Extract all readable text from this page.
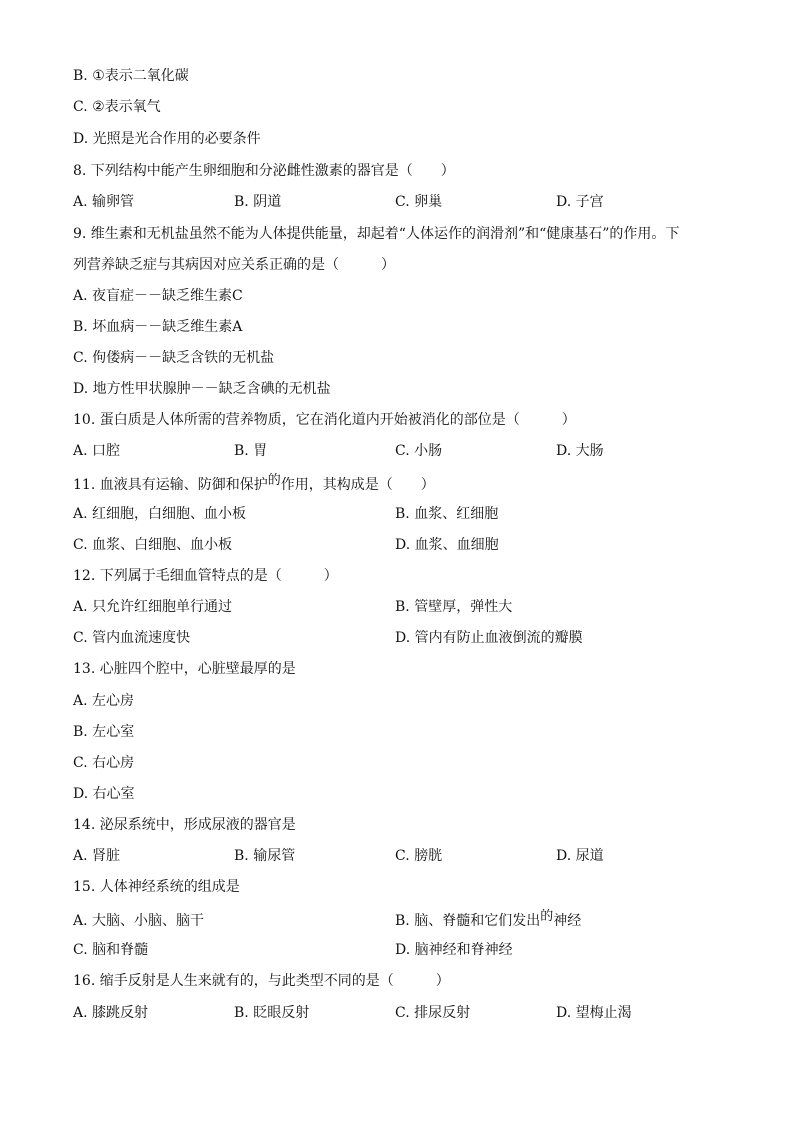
B. ①表示二氧化碳
C. ②表示氧气
D. 光照是光合作用的必要条件
8. 下列结构中能产生卵细胞和分泌雌性激素的器官是（　　）
A. 输卵管	B. 阴道	C. 卵巢	D. 子宫
9. 维生素和无机盐虽然不能为人体提供能量，却起着“人体运作的润滑剂”和“健康基石”的作用。下
列营养缺乏症与其病因对应关系正确的是（　　　）
A. 夜盲症－－缺乏维生素C
B. 坏血病－－缺乏维生素A
C. 佝偻病－－缺乏含铁的无机盐
D. 地方性甲状腺肿－－缺乏含碘的无机盐
10. 蛋白质是人体所需的营养物质，它在消化道内开始被消化的部位是（　　　）
A. 口腔	B. 胃	C. 小肠	D. 大肠
11. 血液具有运输、防御和保护的作用，其构成是（　　）
A. 红细胞，白细胞、血小板	B. 血浆、红细胞
C. 血浆、白细胞、血小板	D. 血浆、血细胞
12. 下列属于毛细血管特点的是（　　　）
A. 只允许红细胞单行通过	B. 管壁厚，弹性大
C. 管内血流速度快	D. 管内有防止血液倒流的瓣膜
13. 心脏四个腔中，心脏壁最厚的是
A. 左心房
B. 左心室
C. 右心房
D. 右心室
14. 泌尿系统中，形成尿液的器官是
A. 肾脏	B. 输尿管	C. 膀胱	D. 尿道
15. 人体神经系统的组成是
A. 大脑、小脑、脑干	B. 脑、脊髓和它们发出的神经
C. 脑和脊髓	D. 脑神经和脊神经
16. 缩手反射是人生来就有的，与此类型不同的是（　　　）
A. 膝跳反射	B. 眨眼反射	C. 排尿反射	D. 望梅止渴
